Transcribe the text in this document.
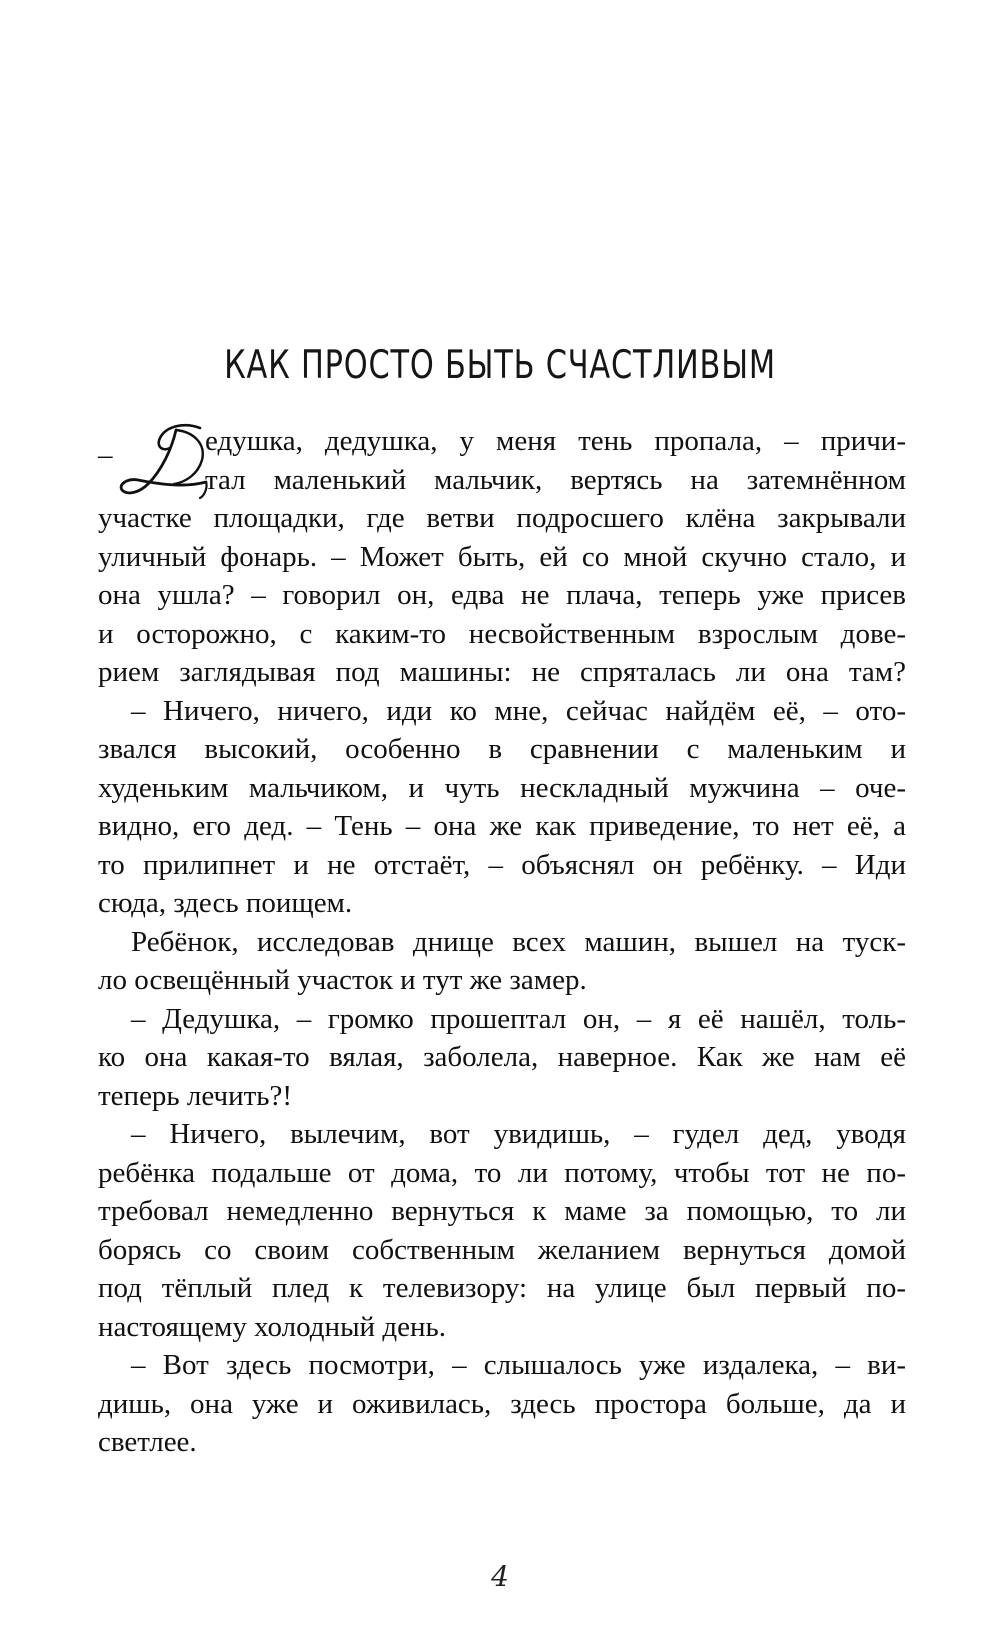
КАК ПРОСТО БЫТЬ СЧАСТЛИВЫМ
–	едушка, дедушка, у меня тень пропала, – причи-
тал маленький мальчик, вертясь на затемнённом
участке площадки, где ветви подросшего клёна закрывали
уличный фонарь. – Может быть, ей со мной скучно стало, и
она ушла? – говорил он, едва не плача, теперь уже присев
и осторожно, с каким-то несвойственным взрослым дове-
рием заглядывая под машины: не спряталась ли она там?
– Ничего, ничего, иди ко мне, сейчас найдём её, – ото-
звался высокий, особенно в сравнении с маленьким и
худеньким мальчиком, и чуть нескладный мужчина – оче-
видно, его дед. – Тень – она же как приведение, то нет её, а
то прилипнет и не отстаёт, – объяснял он ребёнку. – Иди
сюда, здесь поищем.
Ребёнок, исследовав днище всех машин, вышел на туск-
ло освещённый участок и тут же замер.
– Дедушка, – громко прошептал он, – я её нашёл, толь-
ко она какая-то вялая, заболела, наверное. Как же нам её
теперь лечить?!
– Ничего, вылечим, вот увидишь, – гудел дед, уводя
ребёнка подальше от дома, то ли потому, чтобы тот не по-
требовал немедленно вернуться к маме за помощью, то ли
борясь со своим собственным желанием вернуться домой
под тёплый плед к телевизору: на улице был первый по-
настоящему холодный день.
– Вот здесь посмотри, – слышалось уже издалека, – ви-
дишь, она уже и оживилась, здесь простора больше, да и
светлее.
4
